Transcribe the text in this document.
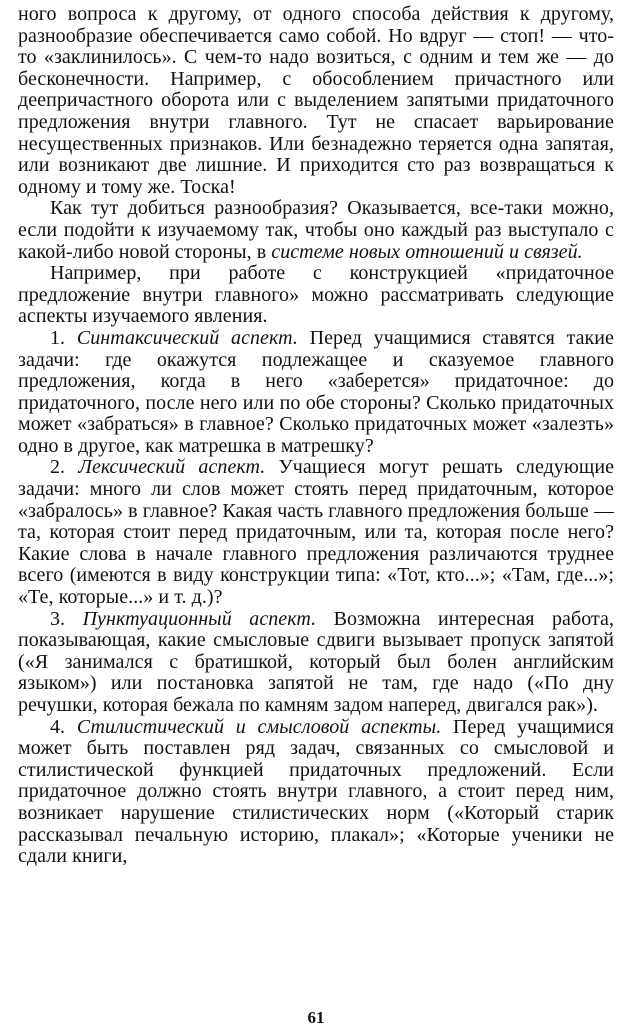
ного вопроса к другому, от одного способа действия к другому, разнообразие обеспечивается само собой. Но вдруг — стоп! — что-то «заклинилось». С чем-то надо возиться, с одним и тем же — до бесконечности. Например, с обособлением причастного или деепричастного оборота или с выделением запятыми придаточного предложения внутри главного. Тут не спасает варьирование несущественных признаков. Или безнадежно теряется одна запятая, или возникают две лишние. И приходится сто раз возвращаться к одному и тому же. Тоска!

Как тут добиться разнообразия? Оказывается, все-таки можно, если подойти к изучаемому так, чтобы оно каждый раз выступало с какой-либо новой стороны, в системе новых отношений и связей.

Например, при работе с конструкцией «придаточное предложение внутри главного» можно рассматривать следующие аспекты изучаемого явления.

1. Синтаксический аспект. Перед учащимися ставятся такие задачи: где окажутся подлежащее и сказуемое главного предложения, когда в него «заберется» придаточное: до придаточного, после него или по обе стороны? Сколько придаточных может «забраться» в главное? Сколько придаточных может «залезть» одно в другое, как матрешка в матрешку?

2. Лексический аспект. Учащиеся могут решать следующие задачи: много ли слов может стоять перед придаточным, которое «забралось» в главное? Какая часть главного предложения больше — та, которая стоит перед придаточным, или та, которая после него? Какие слова в начале главного предложения различаются труднее всего (имеются в виду конструкции типа: «Тот, кто...»; «Там, где...»; «Те, которые...» и т. д.)?

3. Пунктуационный аспект. Возможна интересная работа, показывающая, какие смысловые сдвиги вызывает пропуск запятой («Я занимался с братишкой, который был болен английским языком») или постановка запятой не там, где надо («По дну речушки, которая бежала по камням задом наперед, двигался рак»).

4. Стилистический и смысловой аспекты. Перед учащимися может быть поставлен ряд задач, связанных со смысловой и стилистической функцией придаточных предложений. Если придаточное должно стоять внутри главного, а стоит перед ним, возникает нарушение стилистических норм («Который старик рассказывал печальную историю, плакал»; «Которые ученики не сдали книги,

61
